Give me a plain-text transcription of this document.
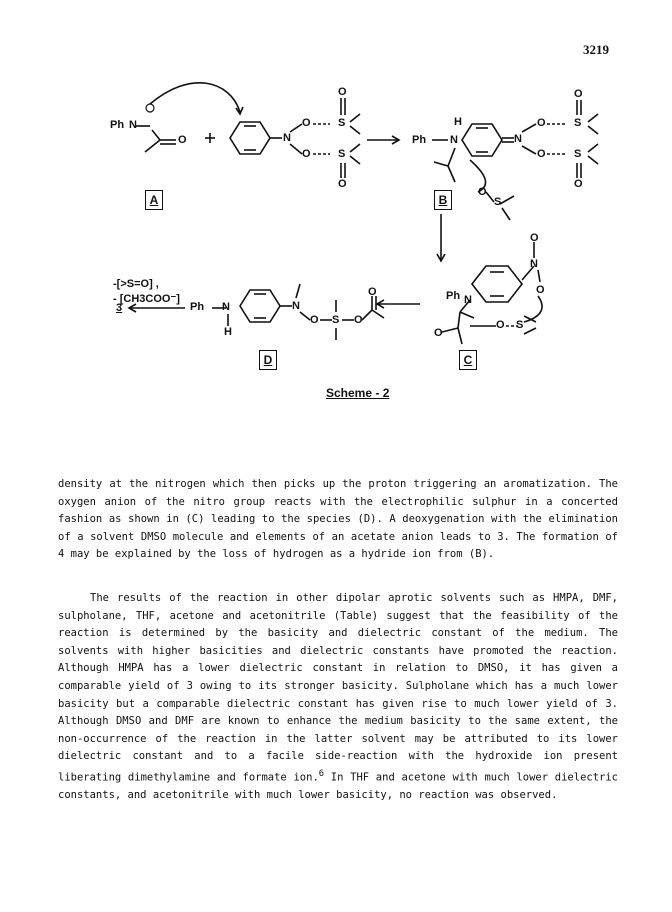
3219
Ph N
O	N
O
O
S
S
O
O
Ph N
H
N
O
O
S
S
O
O
O
S
Ph N
N
O
O
O S
O
Ph N
H
N
O S O
O
A	B
C
D
-[>S=O] ,
- [CH3COO⁻]
3
Scheme - 2

density at the nitrogen which then picks up the proton triggering an aromatization. The oxygen anion of the nitro group reacts with the electrophilic sulphur in a concerted fashion as shown in (C) leading to the species (D). A deoxygenation with the elimination of a solvent DMSO molecule and elements of an acetate anion leads to 3. The formation of 4 may be explained by the loss of hydrogen as a hydride ion from (B).

The results of the reaction in other dipolar aprotic solvents such as HMPA, DMF, sulpholane, THF, acetone and acetonitrile (Table) suggest that the feasibility of the reaction is determined by the basicity and dielectric constant of the medium. The solvents with higher basicities and dielectric constants have promoted the reaction. Although HMPA has a lower dielectric constant in relation to DMSO, it has given a comparable yield of 3 owing to its stronger basicity. Sulpholane which has a much lower basicity but a comparable dielectric constant has given rise to much lower yield of 3. Although DMSO and DMF are known to enhance the medium basicity to the same extent, the non-occurrence of the reaction in the latter solvent may be attributed to its lower dielectric constant and to a facile side-reaction with the hydroxide ion present liberating dimethylamine and formate ion.$^6$ In THF and acetone with much lower dielectric constants, and acetonitrile with much lower basicity, no reaction was observed.
